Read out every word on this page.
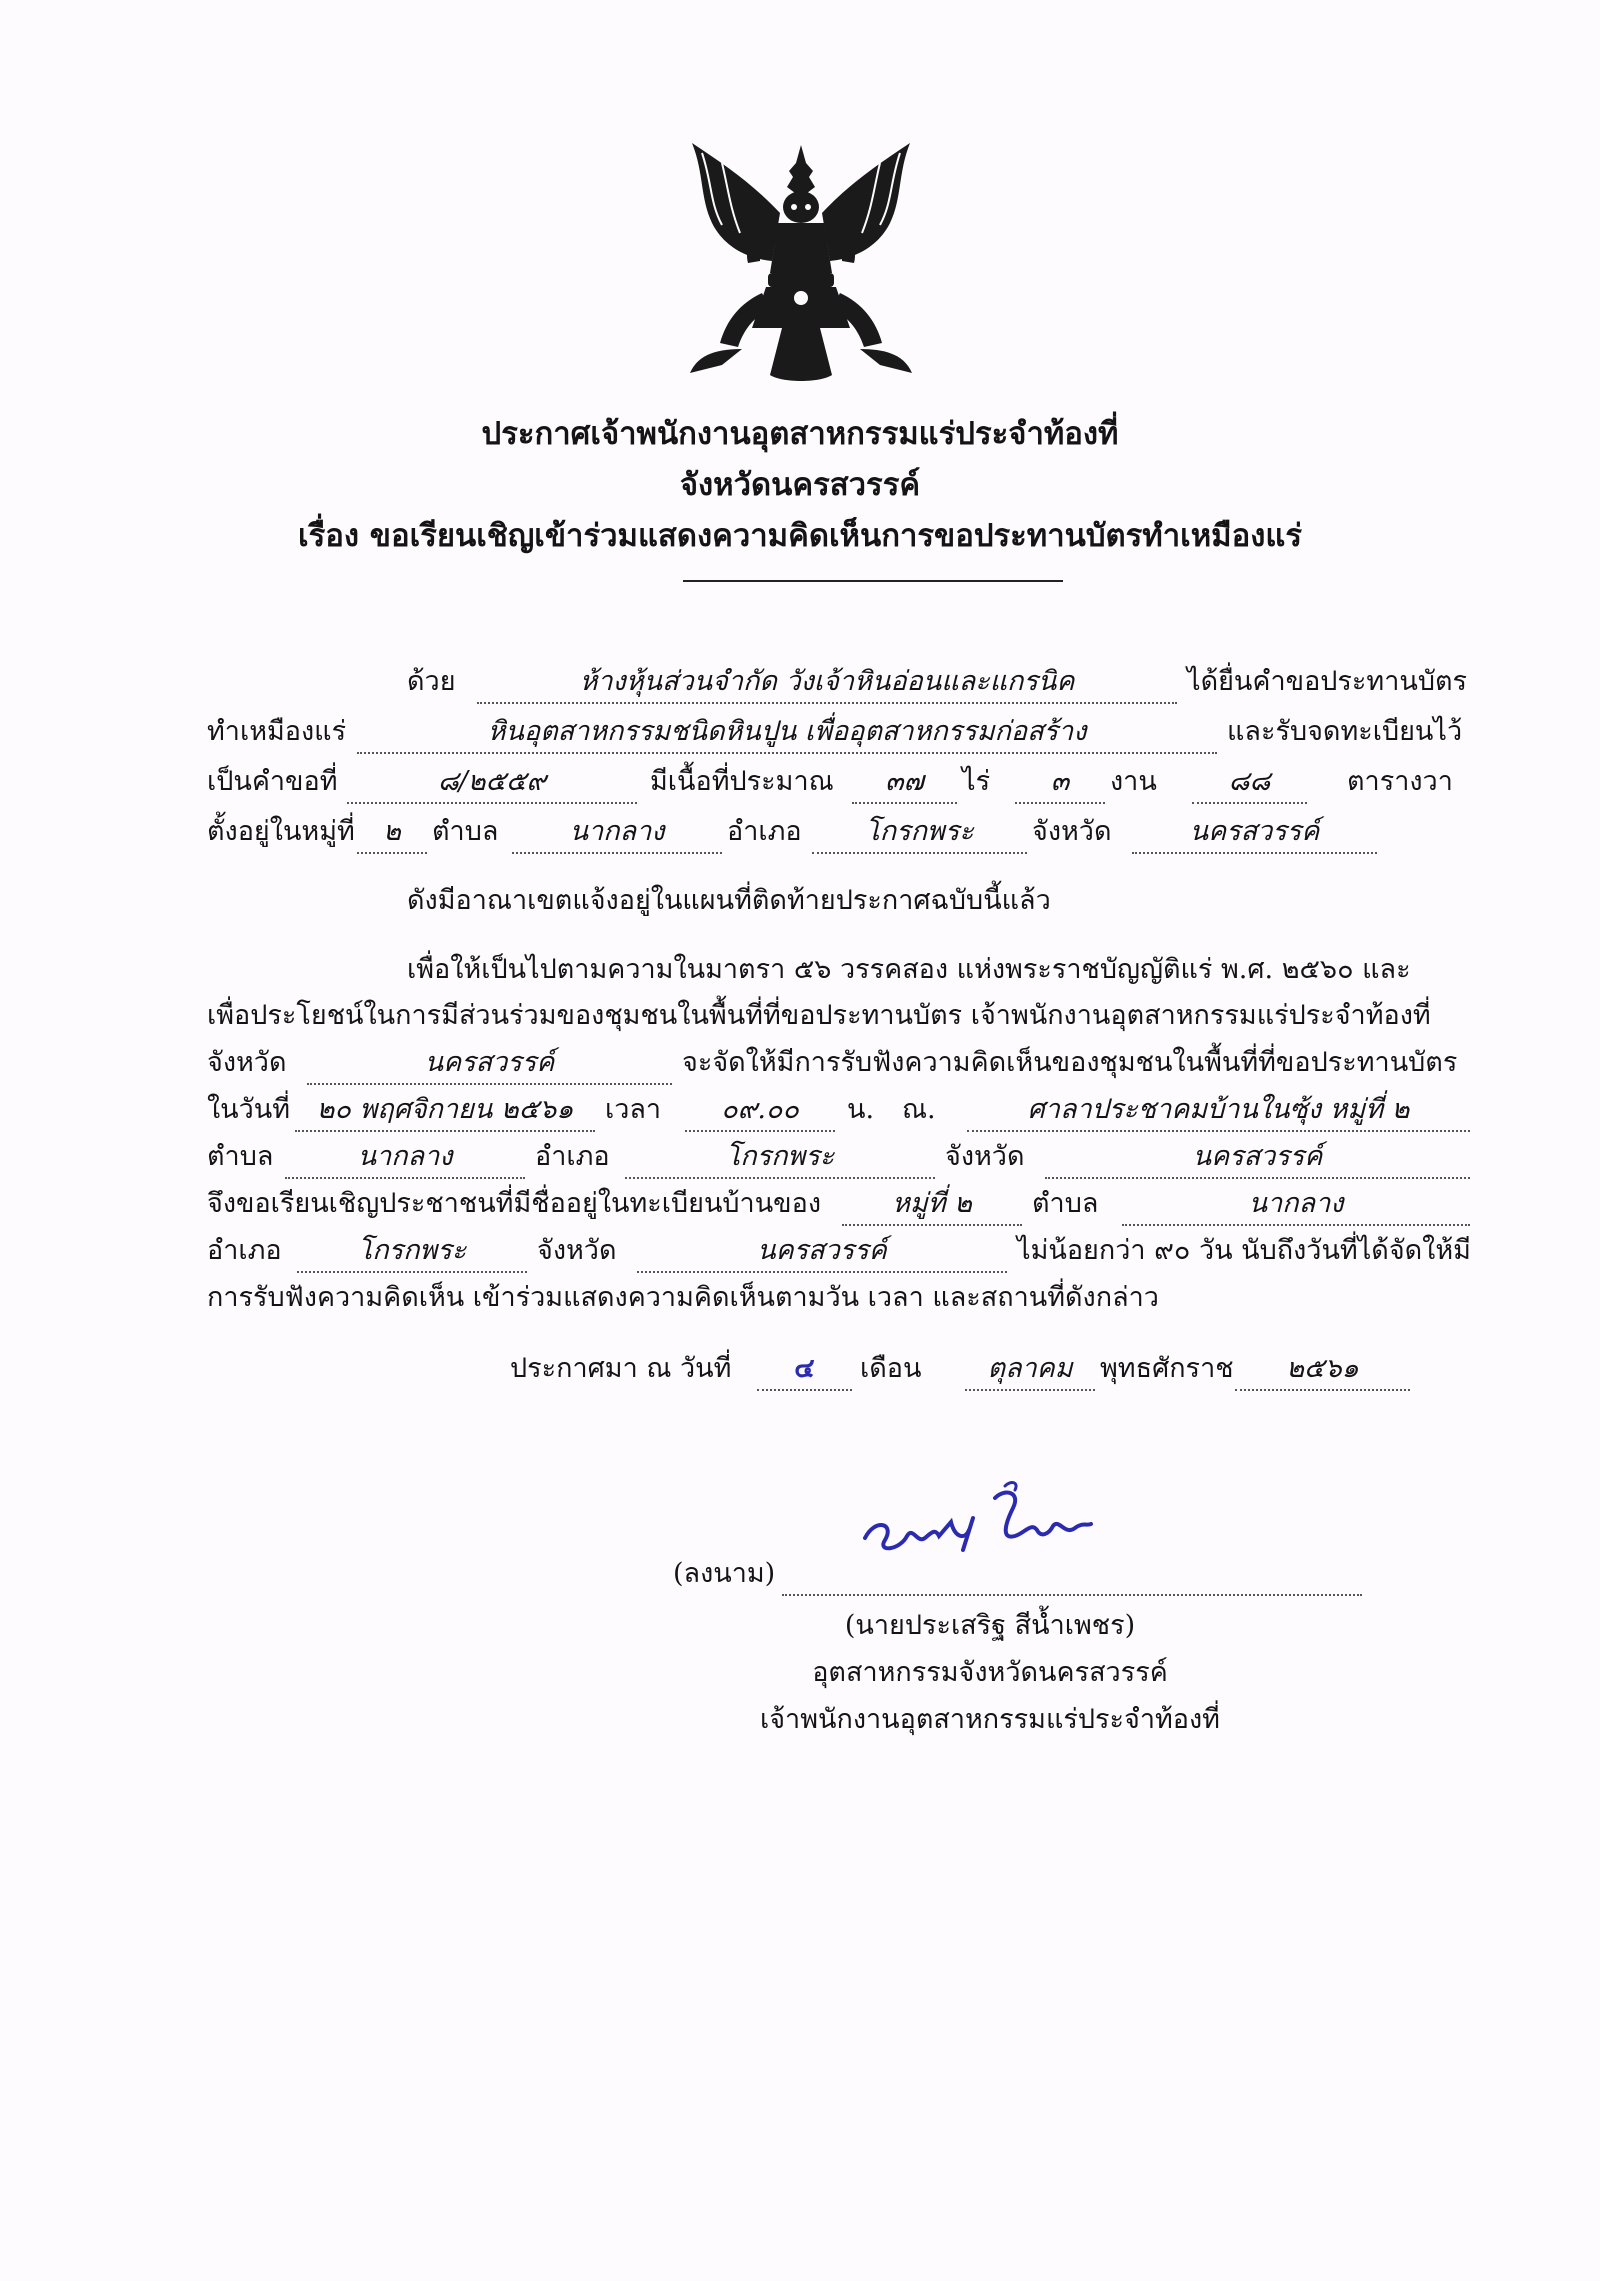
ประกาศเจ้าพนักงานอุตสาหกรรมแร่ประจำท้องที่
จังหวัดนครสวรรค์
เรื่อง ขอเรียนเชิญเข้าร่วมแสดงความคิดเห็นการขอประทานบัตรทำเหมืองแร่
ด้วย	ห้างหุ้นส่วนจำกัด วังเจ้าหินอ่อนและแกรนิค	ได้ยื่นคำขอประทานบัตร
ทำเหมืองแร่	หินอุตสาหกรรมชนิดหินปูน เพื่ออุตสาหกรรมก่อสร้าง	และรับจดทะเบียนไว้
เป็นคำขอที่	๘/๒๕๕๙	มีเนื้อที่ประมาณ	๓๗	ไร่	๓	งาน	๘๘	ตารางวา
ตั้งอยู่ในหมู่ที่	๒	ตำบล	นากลาง	อำเภอ	โกรกพระ	จังหวัด	นครสวรรค์
ดังมีอาณาเขตแจ้งอยู่ในแผนที่ติดท้ายประกาศฉบับนี้แล้ว
เพื่อให้เป็นไปตามความในมาตรา ๕๖ วรรคสอง แห่งพระราชบัญญัติแร่ พ.ศ. ๒๕๖๐ และ
เพื่อประโยชน์ในการมีส่วนร่วมของชุมชนในพื้นที่ที่ขอประทานบัตร เจ้าพนักงานอุตสาหกรรมแร่ประจำท้องที่
จังหวัด	นครสวรรค์	จะจัดให้มีการรับฟังความคิดเห็นของชุมชนในพื้นที่ที่ขอประทานบัตร
ในวันที่ ๒๐ พฤศจิกายน ๒๕๖๑	เวลา	๐๙.๐๐	น. ณ.	ศาลาประชาคมบ้านในซุ้ง หมู่ที่ ๒
ตำบล	นากลาง	อำเภอ	โกรกพระ	จังหวัด	นครสวรรค์
จึงขอเรียนเชิญประชาชนที่มีชื่ออยู่ในทะเบียนบ้านของ	หมู่ที่ ๒	ตำบล	นากลาง
อำเภอ	โกรกพระ	จังหวัด	นครสวรรค์	ไม่น้อยกว่า ๙๐ วัน นับถึงวันที่ได้จัดให้มี
การรับฟังความคิดเห็น เข้าร่วมแสดงความคิดเห็นตามวัน เวลา และสถานที่ดังกล่าว
ประกาศมา ณ วันที่	๔	เดือน	ตุลาคม	พุทธศักราช	๒๕๖๑
(ลงนาม)
(นายประเสริฐ สีน้ำเพชร)
อุตสาหกรรมจังหวัดนครสวรรค์
เจ้าพนักงานอุตสาหกรรมแร่ประจำท้องที่
